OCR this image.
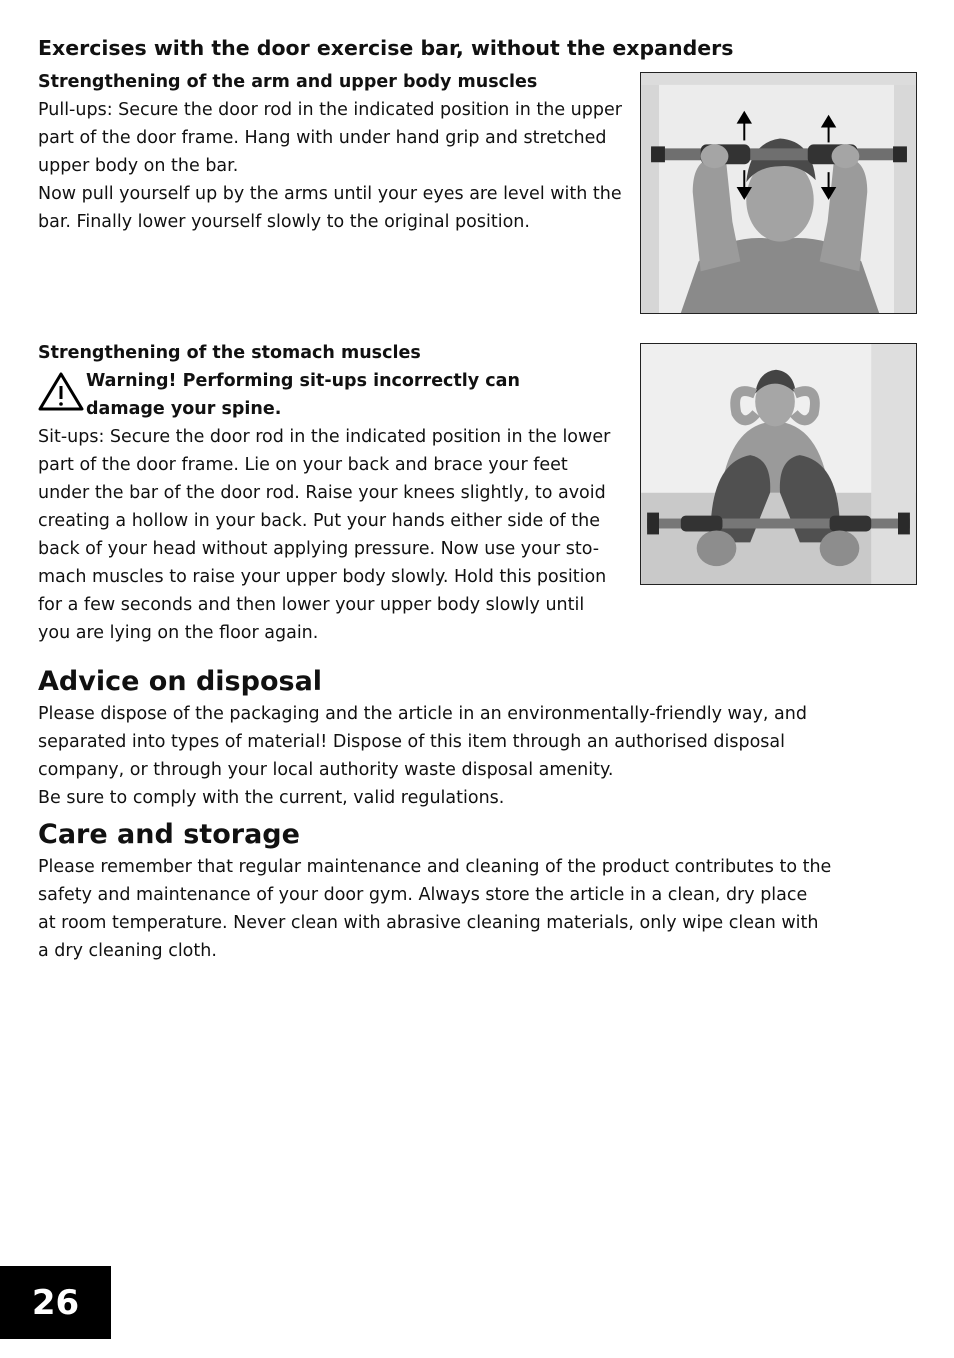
Exercises with the door exercise bar, without the expanders
Strengthening of the arm and upper body muscles

Pull-ups: Secure the door rod in the indicated position in the upper
part of the door frame. Hang with under hand grip and stretched
upper body on the bar.
Now pull yourself up by the arms until your eyes are level with the
bar. Finally lower yourself slowly to the original position.

Strengthening of the stomach muscles

Warning! Performing sit-ups incorrectly can
damage your spine.

Sit-ups: Secure the door rod in the indicated position in the lower
part of the door frame. Lie on your back and brace your feet
under the bar of the door rod. Raise your knees slightly, to avoid
creating a hollow in your back. Put your hands either side of the
back of your head without applying pressure. Now use your sto-
mach muscles to raise your upper body slowly. Hold this position
for a few seconds and then lower your upper body slowly until
you are lying on the floor again.

Advice on disposal

Please dispose of the packaging and the article in an environmentally-friendly way, and
separated into types of material! Dispose of this item through an authorised disposal
company, or through your local authority waste disposal amenity.
Be sure to comply with the current, valid regulations.

Care and storage

Please remember that regular maintenance and cleaning of the product contributes to the
safety and maintenance of your door gym. Always store the article in a clean, dry place
at room temperature. Never clean with abrasive cleaning materials, only wipe clean with
a dry cleaning cloth.

26
